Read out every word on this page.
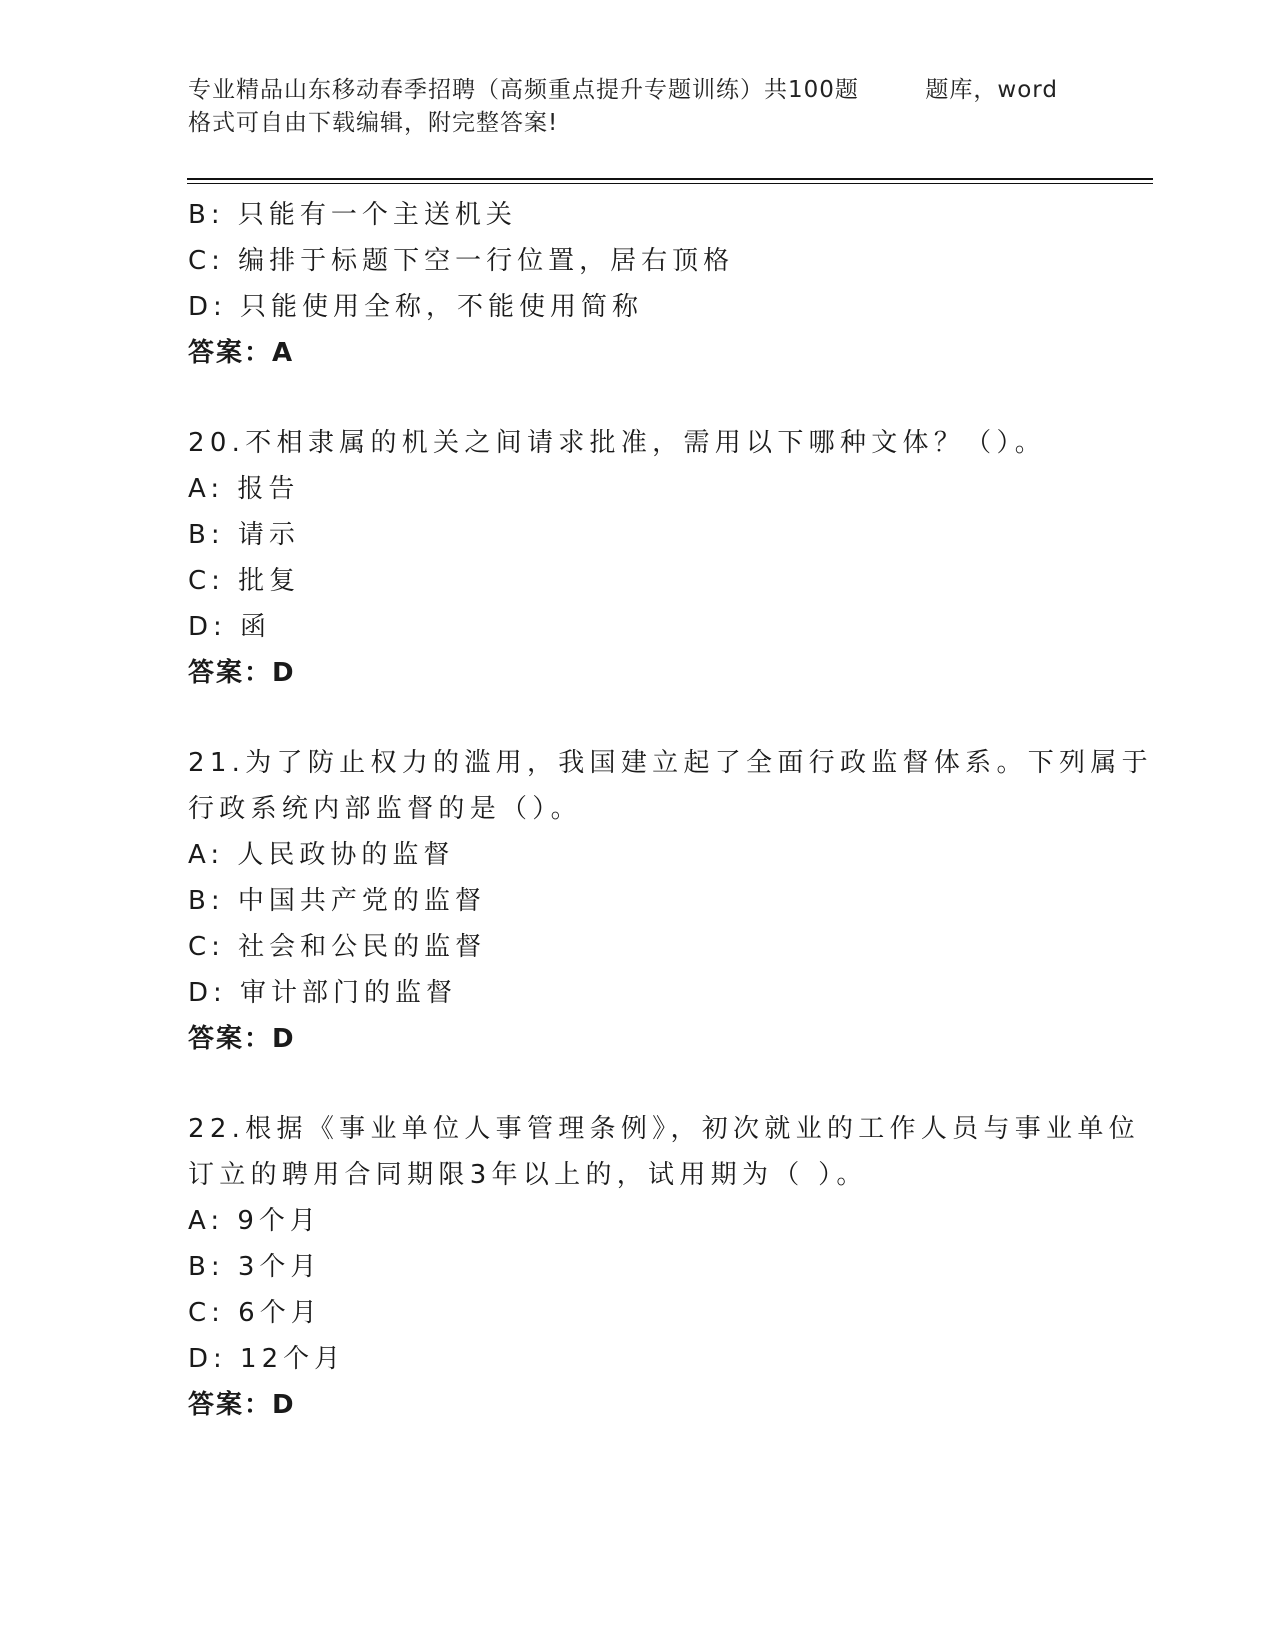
专业精品山东移动春季招聘（高频重点提升专题训练）共100题        题库，word
格式可自由下载编辑，附完整答案!
B: 只能有一个主送机关
C: 编排于标题下空一行位置，居右顶格
D: 只能使用全称，不能使用简称
答案：A
20.不相隶属的机关之间请求批准，需用以下哪种文体？（）。
A: 报告
B: 请示
C: 批复
D: 函
答案：D
21.为了防止权力的滥用，我国建立起了全面行政监督体系。下列属于
行政系统内部监督的是（）。
A: 人民政协的监督
B: 中国共产党的监督
C: 社会和公民的监督
D: 审计部门的监督
答案：D
22.根据《事业单位人事管理条例》，初次就业的工作人员与事业单位
订立的聘用合同期限3年以上的，试用期为（ ）。
A: 9个月
B: 3个月
C: 6个月
D: 12个月
答案：D
